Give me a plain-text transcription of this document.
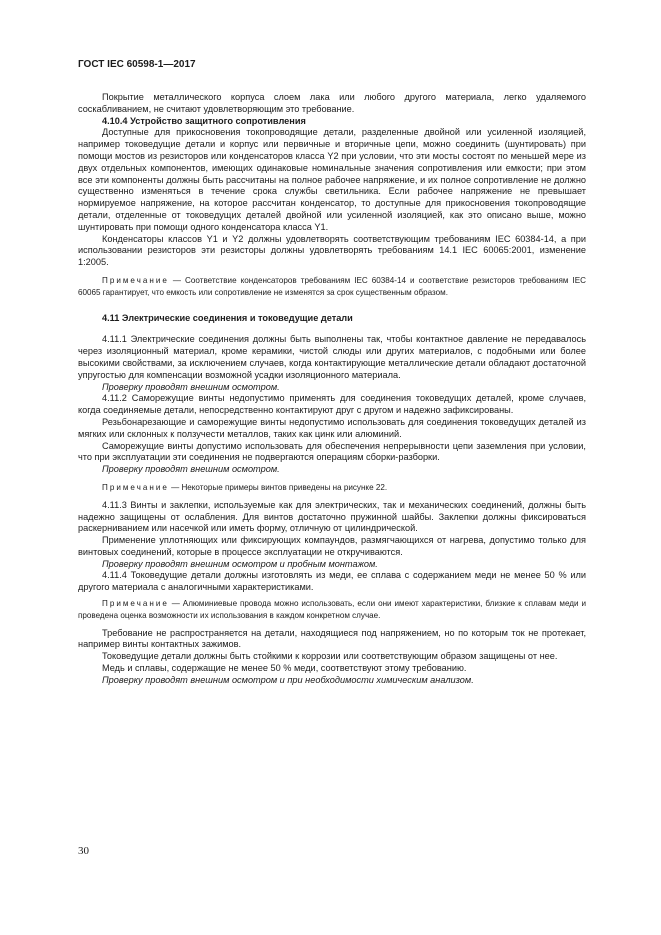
ГОСТ IEC 60598-1—2017

Покрытие металлического корпуса слоем лака или любого другого материала, легко удаляемого соскабливанием, не считают удовлетворяющим это требование.

4.10.4 Устройство защитного сопротивления

Доступные для прикосновения токопроводящие детали, разделенные двойной или усиленной изоляцией, например токоведущие детали и корпус или первичные и вторичные цепи, можно соединить (шунтировать) при помощи мостов из резисторов или конденсаторов класса Y2 при условии, что эти мосты состоят по меньшей мере из двух отдельных компонентов, имеющих одинаковые номинальные значения сопротивления или емкости; при этом все эти компоненты должны быть рассчитаны на полное рабочее напряжение, и их полное сопротивление не должно существенно изменяться в течение срока службы светильника. Если рабочее напряжение не превышает нормируемое напряжение, на которое рассчитан конденсатор, то доступные для прикосновения токопроводящие детали, отделенные от токоведущих деталей двойной или усиленной изоляцией, как это описано выше, можно шунтировать при помощи одного конденсатора класса Y1.

Конденсаторы классов Y1 и Y2 должны удовлетворять соответствующим требованиям IEC 60384-14, а при использовании резисторов эти резисторы должны удовлетворять требованиям 14.1 IEC 60065:2001, изменение 1:2005.

Примечание — Соответствие конденсаторов требованиям IEC 60384-14 и соответствие резисторов требованиям IEC 60065 гарантирует, что емкость или сопротивление не изменятся за срок существенным образом.

4.11 Электрические соединения и токоведущие детали

4.11.1 Электрические соединения должны быть выполнены так, чтобы контактное давление не передавалось через изоляционный материал, кроме керамики, чистой слюды или других материалов, с подобными или более высокими свойствами, за исключением случаев, когда контактирующие металлические детали обладают достаточной упругостью для компенсации возможной усадки изоляционного материала.

Проверку проводят внешним осмотром.

4.11.2 Саморежущие винты недопустимо применять для соединения токоведущих деталей, кроме случаев, когда соединяемые детали, непосредственно контактируют друг с другом и надежно зафиксированы.

Резьбонарезающие и саморежущие винты недопустимо использовать для соединения токоведущих деталей из мягких или склонных к ползучести металлов, таких как цинк или алюминий.

Саморежущие винты допустимо использовать для обеспечения непрерывности цепи заземления при условии, что при эксплуатации эти соединения не подвергаются операциям сборки-разборки.

Проверку проводят внешним осмотром.

Примечание — Некоторые примеры винтов приведены на рисунке 22.

4.11.3 Винты и заклепки, используемые как для электрических, так и механических соединений, должны быть надежно защищены от ослабления. Для винтов достаточно пружинной шайбы. Заклепки должны фиксироваться раскерниванием или насечкой или иметь форму, отличную от цилиндрической.

Применение уплотняющих или фиксирующих компаундов, размягчающихся от нагрева, допустимо только для винтовых соединений, которые в процессе эксплуатации не откручиваются.

Проверку проводят внешним осмотром и пробным монтажом.

4.11.4 Токоведущие детали должны изготовлять из меди, ее сплава с содержанием меди не менее 50 % или другого материала с аналогичными характеристиками.

Примечание — Алюминиевые провода можно использовать, если они имеют характеристики, близкие к сплавам меди и проведена оценка возможности их использования в каждом конкретном случае.

Требование не распространяется на детали, находящиеся под напряжением, но по которым ток не протекает, например винты контактных зажимов.

Токоведущие детали должны быть стойкими к коррозии или соответствующим образом защищены от нее.

Медь и сплавы, содержащие не менее 50 % меди, соответствуют этому требованию.

Проверку проводят внешним осмотром и при необходимости химическим анализом.

30
